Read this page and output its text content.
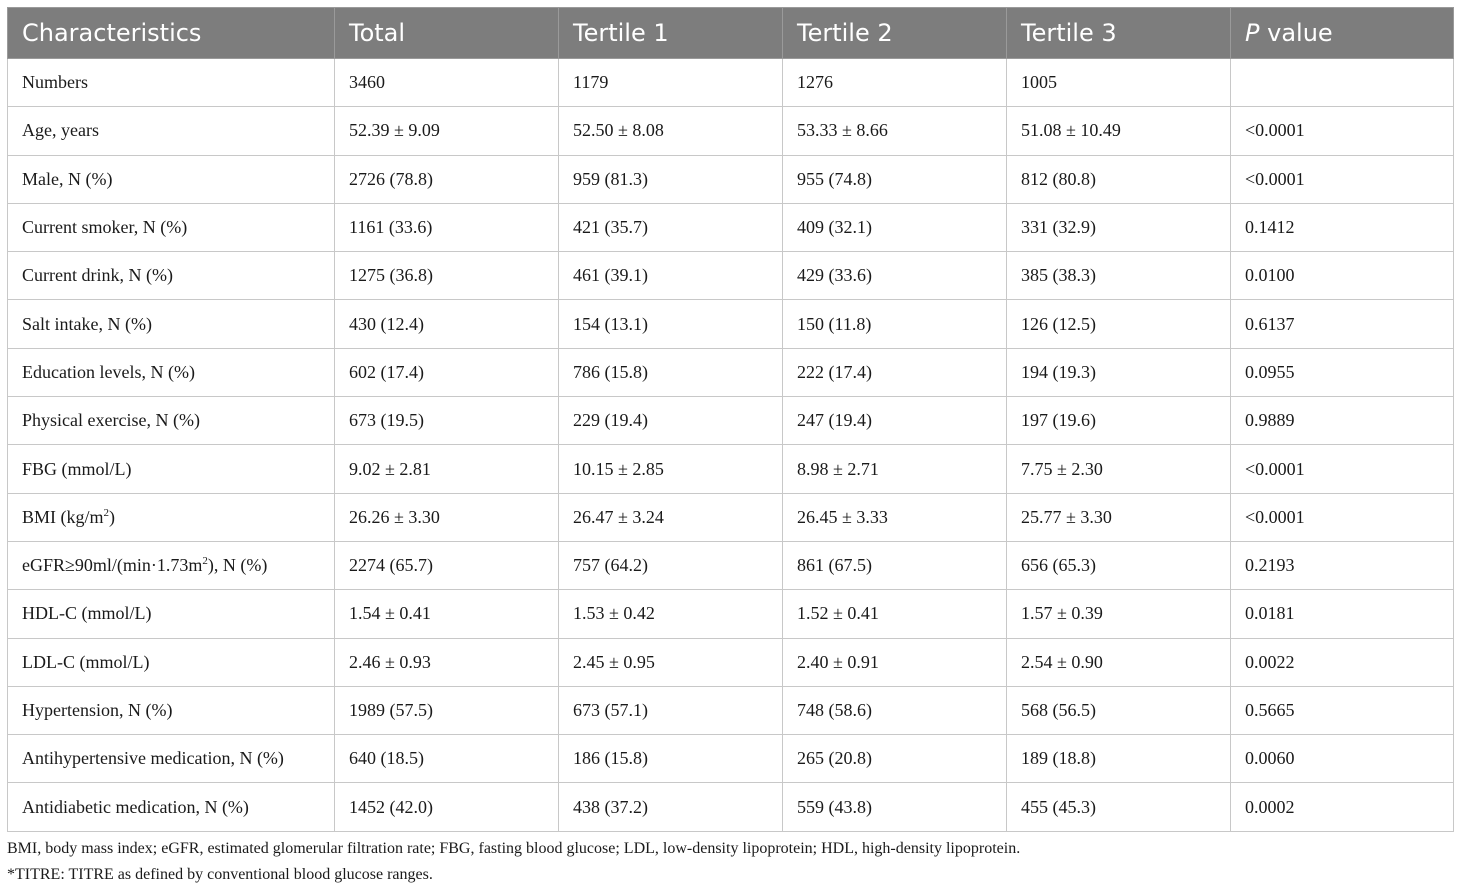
Characteristics	Total	Tertile 1	Tertile 2	Tertile 3	P value
Numbers	3460	1179	1276	1005	
Age, years	52.39 ± 9.09	52.50 ± 8.08	53.33 ± 8.66	51.08 ± 10.49	<0.0001
Male, N (%)	2726 (78.8)	959 (81.3)	955 (74.8)	812 (80.8)	<0.0001
Current smoker, N (%)	1161 (33.6)	421 (35.7)	409 (32.1)	331 (32.9)	0.1412
Current drink, N (%)	1275 (36.8)	461 (39.1)	429 (33.6)	385 (38.3)	0.0100
Salt intake, N (%)	430 (12.4)	154 (13.1)	150 (11.8)	126 (12.5)	0.6137
Education levels, N (%)	602 (17.4)	786 (15.8)	222 (17.4)	194 (19.3)	0.0955
Physical exercise, N (%)	673 (19.5)	229 (19.4)	247 (19.4)	197 (19.6)	0.9889
FBG (mmol/L)	9.02 ± 2.81	10.15 ± 2.85	8.98 ± 2.71	7.75 ± 2.30	<0.0001
BMI $(kg/m^2)$	26.26 ± 3.30	26.47 ± 3.24	26.45 ± 3.33	25.77 ± 3.30	<0.0001
$eGFR\ge 90ml/(\min\cdot 1.73m^2)$, N (%)	2274 (65.7)	757 (64.2)	861 (67.5)	656 (65.3)	0.2193
HDL-C (mmol/L)	1.54 ± 0.41	1.53 ± 0.42	1.52 ± 0.41	1.57 ± 0.39	0.0181
LDL-C (mmol/L)	2.46 ± 0.93	2.45 ± 0.95	2.40 ± 0.91	2.54 ± 0.90	0.0022
Hypertension, N (%)	1989 (57.5)	673 (57.1)	748 (58.6)	568 (56.5)	0.5665
Antihypertensive medication, N (%)	640 (18.5)	186 (15.8)	265 (20.8)	189 (18.8)	0.0060
Antidiabetic medication, N (%)	1452 (42.0)	438 (37.2)	559 (43.8)	455 (45.3)	0.0002
BMI, body mass index; eGFR, estimated glomerular filtration rate; FBG, fasting blood glucose; LDL, low-density lipoprotein; HDL, high-density lipoprotein.
*TITRE: TITRE as defined by conventional blood glucose ranges.
